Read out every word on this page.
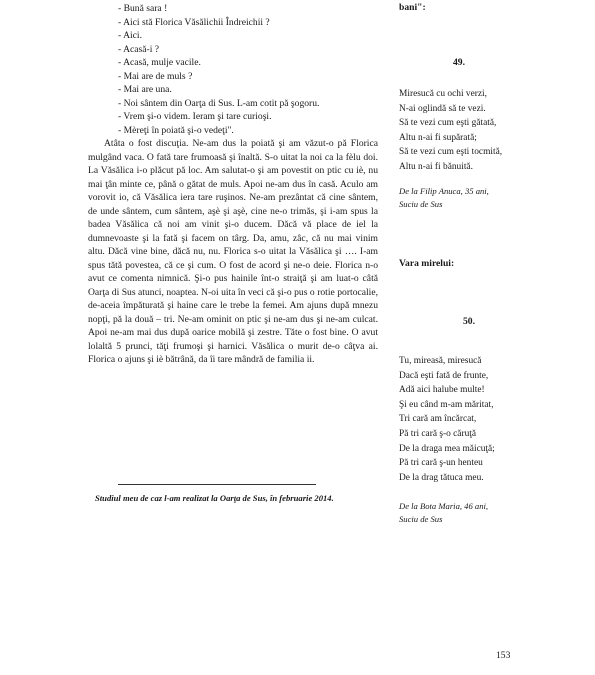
- Bună sara !
- Aici stă Florica Văsălichii Îndreichii ?
- Aici.
- Acasă-i ?
- Acasă, mulje vacile.
- Mai are de muls ?
- Mai are una.
- Noi sântem din Oarţa di Sus. L-am cotit pă şogoru.
- Vrem şi-o videm. Ieram şi tare curioşi.
- Mèreţi în poiată şi-o vedeţi".

Atâta o fost discuţia. Ne-am dus la poiată şi am văzut-o pă Florica mulgând vaca. O fată tare frumoasă şi înaltă. S-o uitat la noi ca la fèlu doi. La Văsălica i-o plăcut pă loc. Am salutat-o şi am povestit on ptic cu iè, nu mai ţân minte ce, până o gătat de muls. Apoi ne-am dus în casă. Aculo am vorovit io, că Văsălica iera tare ruşinos. Ne-am prezântat că cine sântem, de unde sântem, cum sântem, aşè şi aşè, cine ne-o trimăs, şi i-am spus la badea Văsălica că noi am vinit şi-o ducem. Dăcă vă place de iel la dumnevoaste şi la fată şi facem on târg. Da, amu, zâc, că nu mai vinim altu. Dăcă vine bine, dăcă nu, nu. Florica s-o uitat la Văsălica şi …. I-am spus tătă povestea, că ce şi cum. O fost de acord şi ne-o deie. Florica n-o avut ce comenta nimnică. Şi-o pus hainile înt-o straiţă şi am luat-o câtă Oarţa di Sus atunci, noaptea. N-oi uita în veci că şi-o pus o rotie portocalie, de-aceia împăturată şi haine care le trebe la femei. Am ajuns după mnezu nopţi, pă la două – tri. Ne-am ominit on ptic şi ne-am dus şi ne-am culcat. Apoi ne-am mai dus după oarice mobilă şi zestre. Tăte o fost bine. O avut lolaltă 5 prunci, tăţi frumoşi şi harnici. Văsălica o murit de-o câţva ai. Florica o ajuns şi iè bătrână, da îi tare mândră de familia ii.

Studiul meu de caz l-am realizat la Oarţa de Sus, în februarie 2014.
bani":
49.
Miresucă cu ochi verzi,
N-ai oglindă să te vezi.
Să te vezi cum eşti gătată,
Altu n-ai fi supărată;
Să te vezi cum eşti tocmită,
Altu n-ai fi bănuită.
De la Filip Anuca, 35 ani,
Suciu de Sus
Vara mirelui:
50.
Tu, mireasă, miresucă
Dacă eşti fată de frunte,
Adă aici halube multe!
Şi eu când m-am măritat,
Tri cară am încărcat,
Pă tri cară ş-o căruţă
De la draga mea măicuţă;
Pă tri cară ş-un henteu
De la drag tătuca meu.
De la Bota Maria, 46 ani,
Suciu de Sus
153
